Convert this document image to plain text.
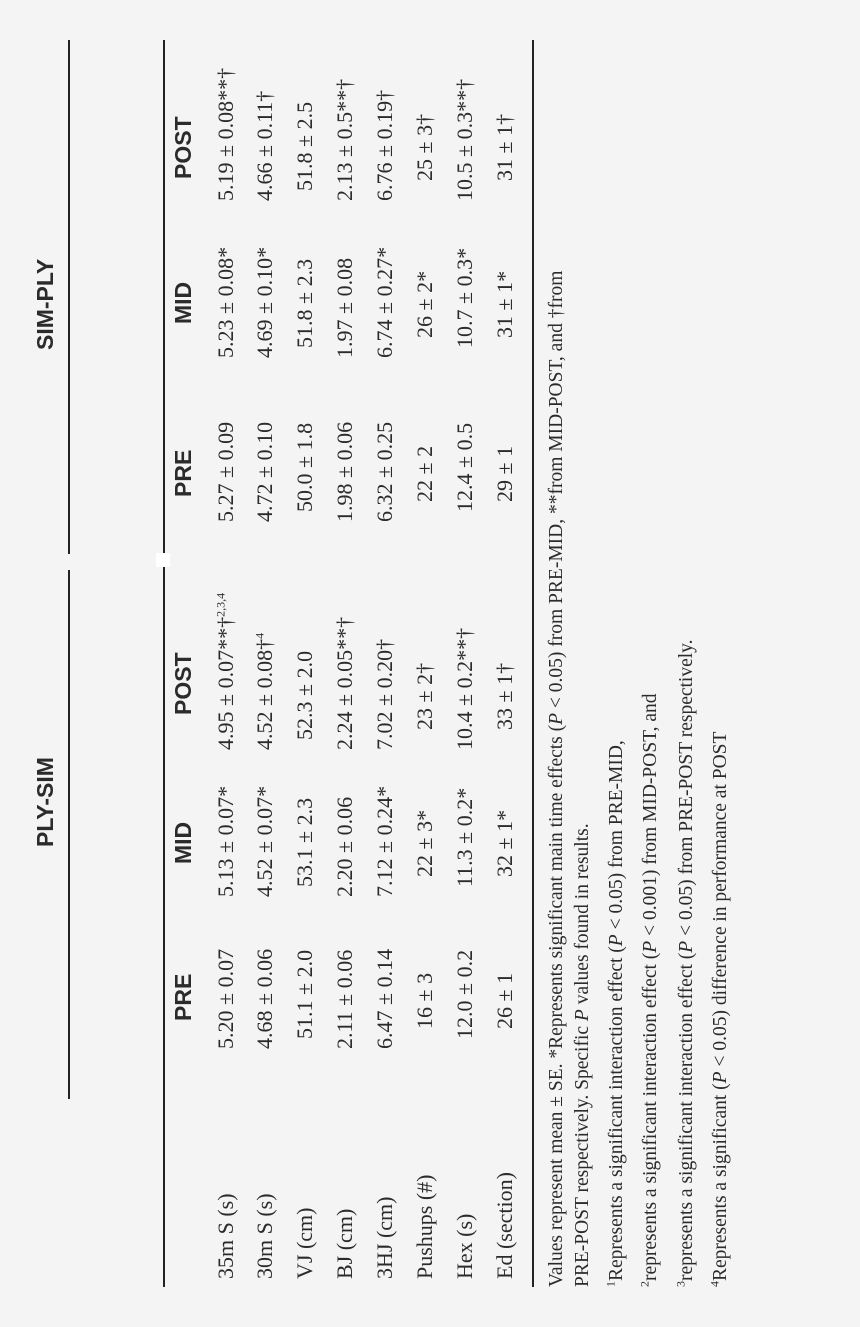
PLY-SIM
SIM-PLY
PRE
MID
POST
PRE
MID
POST
35m S (s)
5.20 ± 0.07
5.13 ± 0.07*
4.95 ± 0.07**†$^{2,3,4}$
5.27 ± 0.09
5.23 ± 0.08*
5.19 ± 0.08**†
30m S (s)
4.68 ± 0.06
4.52 ± 0.07*
4.52 ± 0.08†$^4$
4.72 ± 0.10
4.69 ± 0.10*
4.66 ± 0.11†
VJ (cm)
51.1 ± 2.0
53.1 ± 2.3
52.3 ± 2.0
50.0 ± 1.8
51.8 ± 2.3
51.8 ± 2.5
BJ (cm)
2.11 ± 0.06
2.20 ± 0.06
2.24 ± 0.05**†
1.98 ± 0.06
1.97 ± 0.08
2.13 ± 0.5**†
3HJ (cm)
6.47 ± 0.14
7.12 ± 0.24*
7.02 ± 0.20†
6.32 ± 0.25
6.74 ± 0.27*
6.76 ± 0.19†
Pushups (#)
16 ± 3
22 ± 3*
23 ± 2†
22 ± 2
26 ± 2*
25 ± 3†
Hex (s)
12.0 ± 0.2
11.3 ± 0.2*
10.4 ± 0.2**†
12.4 ± 0.5
10.7 ± 0.3*
10.5 ± 0.3**†
Ed (section)
26 ± 1
32 ± 1*
33 ± 1†
29 ± 1
31 ± 1*
31 ± 1†
Values represent mean ± SE. *Represents significant main time effects (P < 0.05) from PRE-MID, **from MID-POST, and †from
PRE-POST respectively. Specific P values found in results.
$^1$Represents a significant interaction effect (P < 0.05) from PRE-MID,
$^2$represents a significant interaction effect (P < 0.001) from MID-POST, and
$^3$represents a significant interaction effect (P < 0.05) from PRE-POST respectively.
$^4$Represents a significant (P < 0.05) difference in performance at POST
